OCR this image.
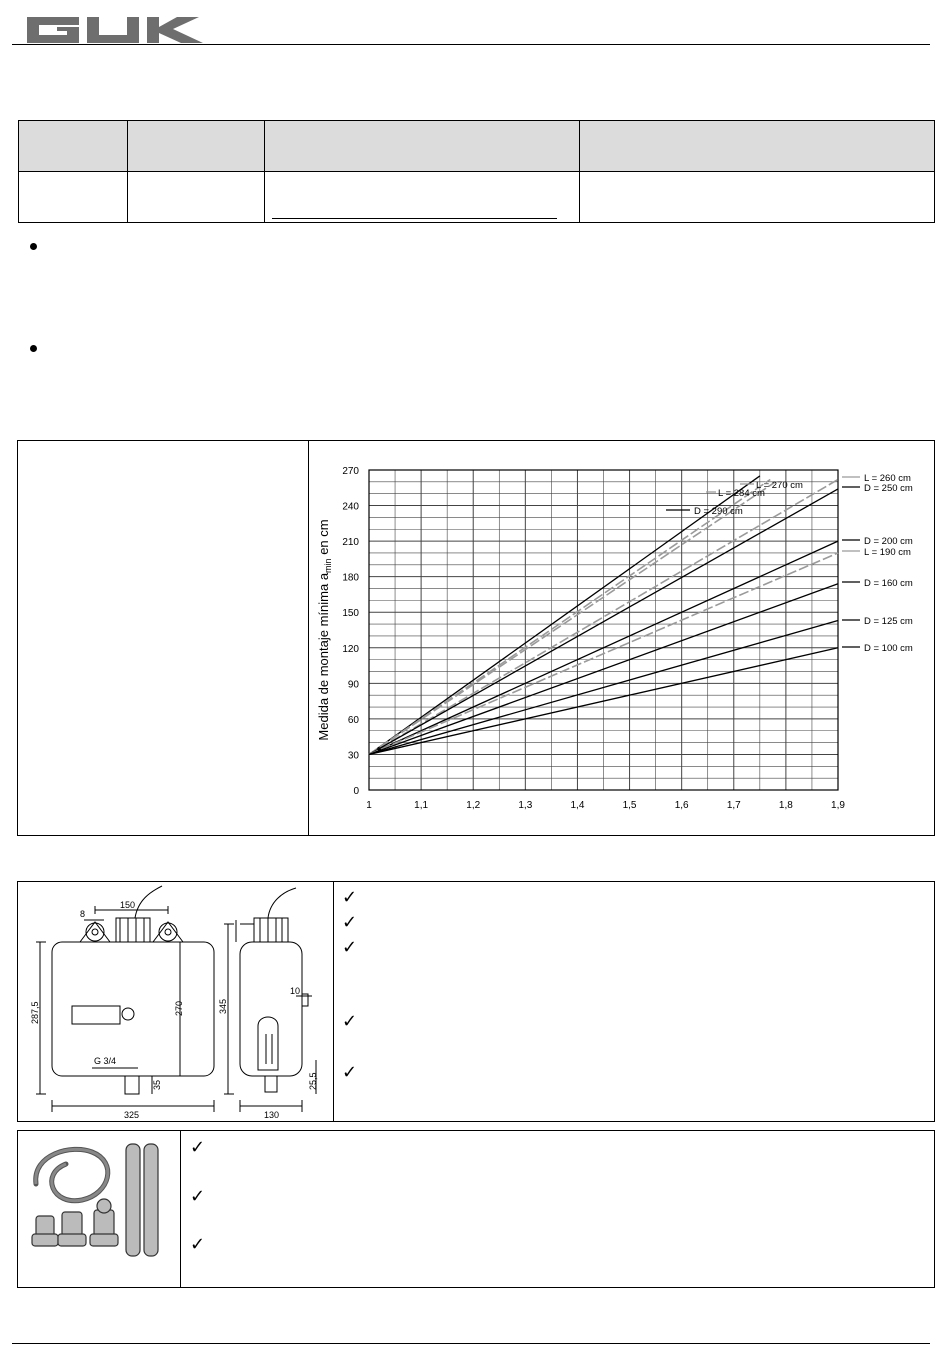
0
30
60
90
120
150
180
210
240
270
1	1,1	1,2	1,3	1,4	1,5	1,6	1,7	1,8	1,9
Medida de montaje mínima $a_{min}$ en cm
D = 290 cm
L = 270 cm
L = 284 cm
L = 260 cm
D = 250 cm
D = 200 cm
L = 190 cm
D = 160 cm
D = 125 cm
D = 100 cm
150
8
287,5	270
G 3/4
35
325
345
10
25,5
130
✓
✓
✓
✓
✓
✓
✓
✓
